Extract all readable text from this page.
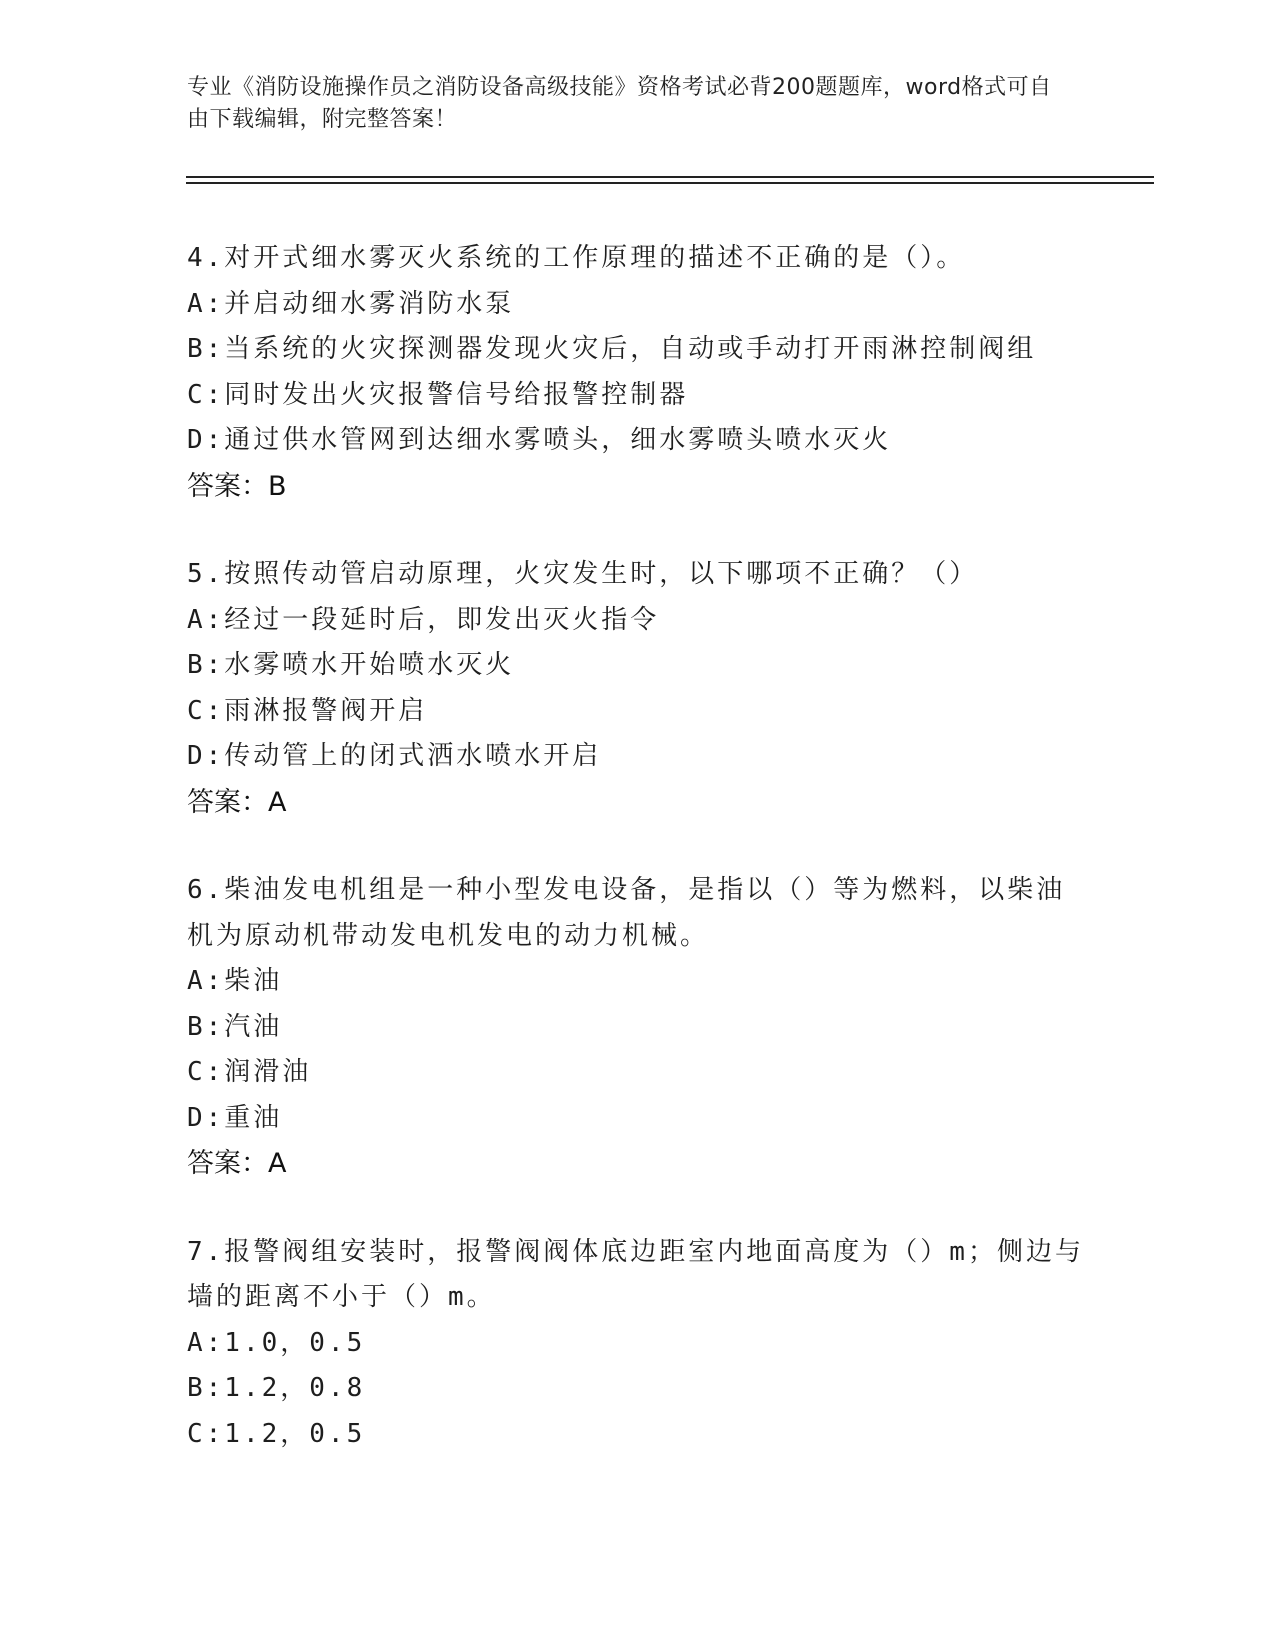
专业《消防设施操作员之消防设备高级技能》资格考试必背200题题库，word格式可自由下载编辑，附完整答案！
4.对开式细水雾灭火系统的工作原理的描述不正确的是（）。
A:并启动细水雾消防水泵
B:当系统的火灾探测器发现火灾后，自动或手动打开雨淋控制阀组
C:同时发出火灾报警信号给报警控制器
D:通过供水管网到达细水雾喷头，细水雾喷头喷水灭火
答案：B
5.按照传动管启动原理，火灾发生时，以下哪项不正确？（）
A:经过一段延时后，即发出灭火指令
B:水雾喷水开始喷水灭火
C:雨淋报警阀开启
D:传动管上的闭式洒水喷水开启
答案：A
6.柴油发电机组是一种小型发电设备，是指以（）等为燃料，以柴油机为原动机带动发电机发电的动力机械。
A:柴油
B:汽油
C:润滑油
D:重油
答案：A
7.报警阀组安装时，报警阀阀体底边距室内地面高度为（）m；侧边与墙的距离不小于（）m。
A:1.0，0.5
B:1.2，0.8
C:1.2，0.5
